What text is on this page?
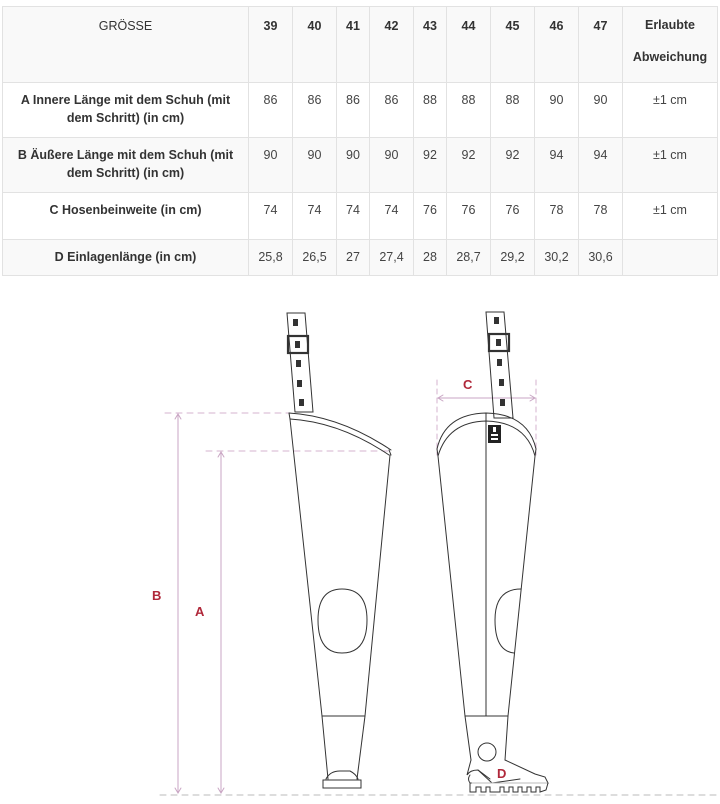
GRÖSSE	39	40	41	42	43	44	45	46	47	Erlaubte Abweichung
A Innere Länge mit dem Schuh (mit dem Schritt) (in cm)	86	86	86	86	88	88	88	90	90	±1 cm
B Äußere Länge mit dem Schuh (mit dem Schritt) (in cm)	90	90	90	90	92	92	92	94	94	±1 cm
C Hosenbeinweite (in cm)	74	74	74	74	76	76	76	78	78	±1 cm
D Einlagenlänge (in cm)	25,8	26,5	27	27,4	28	28,7	29,2	30,2	30,6	
B
A
C
D
